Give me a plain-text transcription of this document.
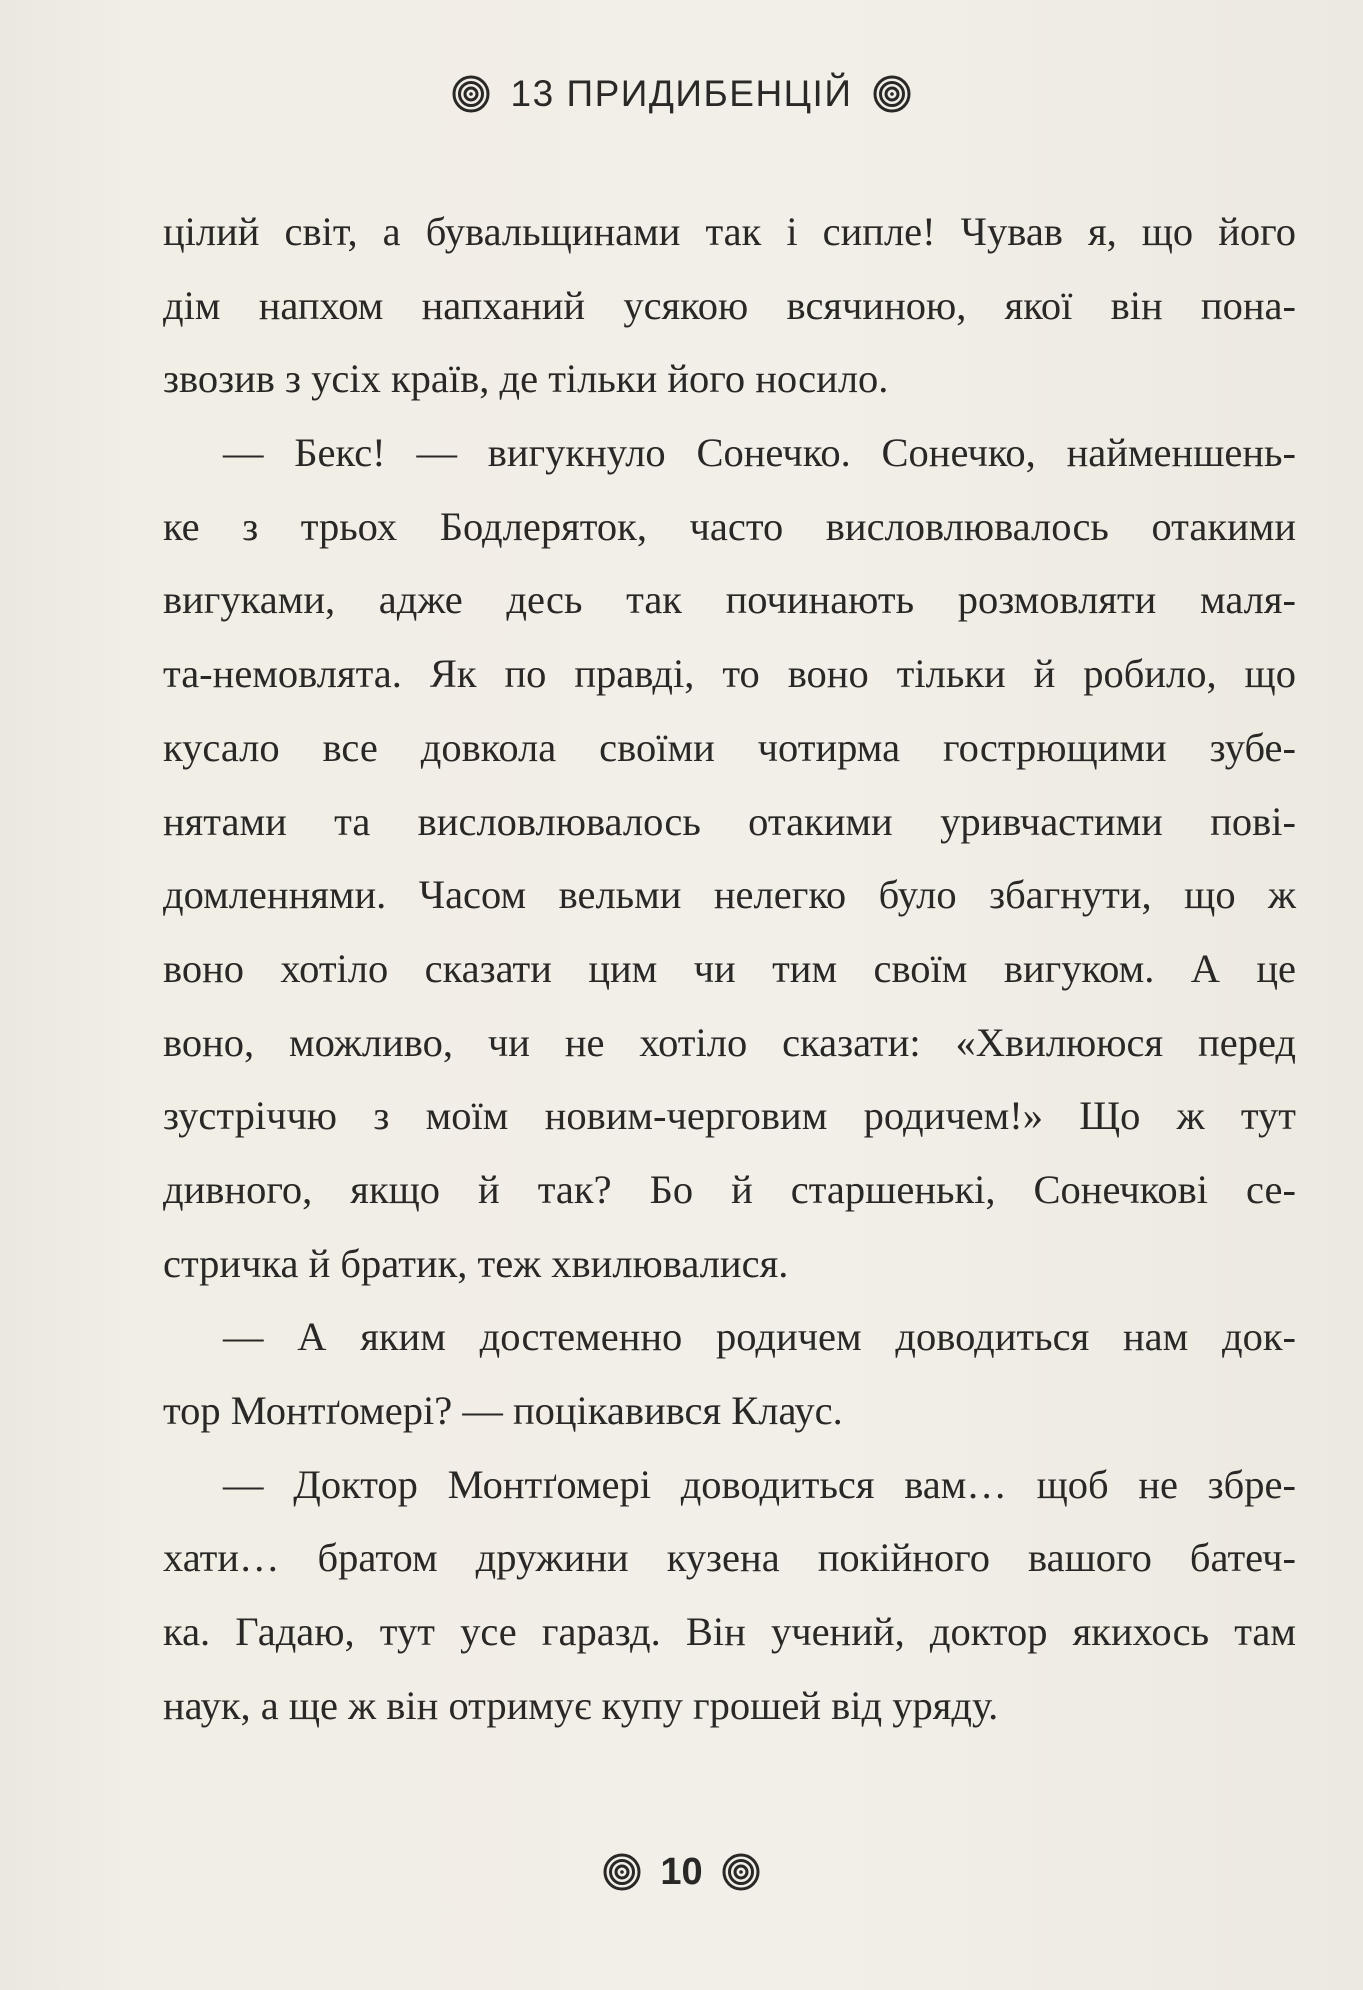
13 ПРИДИБЕНЦІЙ
цілий світ, а бувальщинами так і сипле! Чував я, що його
дім напхом напханий усякою всячиною, якої він пона-
звозив з усіх країв, де тільки його носило.
— Бекс! — вигукнуло Сонечко. Сонечко, найменшень-
ке з трьох Бодлеряток, часто висловлювалось отакими
вигуками, адже десь так починають розмовляти маля-
та-немовлята. Як по правді, то воно тільки й робило, що
кусало все довкола своїми чотирма гострющими зубе-
нятами та висловлювалось отакими уривчастими пові-
домленнями. Часом вельми нелегко було збагнути, що ж
воно хотіло сказати цим чи тим своїм вигуком. А це
воно, можливо, чи не хотіло сказати: «Хвилююся перед
зустріччю з моїм новим-черговим родичем!» Що ж тут
дивного, якщо й так? Бо й старшенькі, Сонечкові се-
стричка й братик, теж хвилювалися.
— А яким достеменно родичем доводиться нам док-
тор Монтґомері? — поцікавився Клаус.
— Доктор Монтґомері доводиться вам… щоб не збре-
хати… братом дружини кузена покійного вашого батеч-
ка. Гадаю, тут усе гаразд. Він учений, доктор якихось там
наук, а ще ж він отримує купу грошей від уряду.
10
